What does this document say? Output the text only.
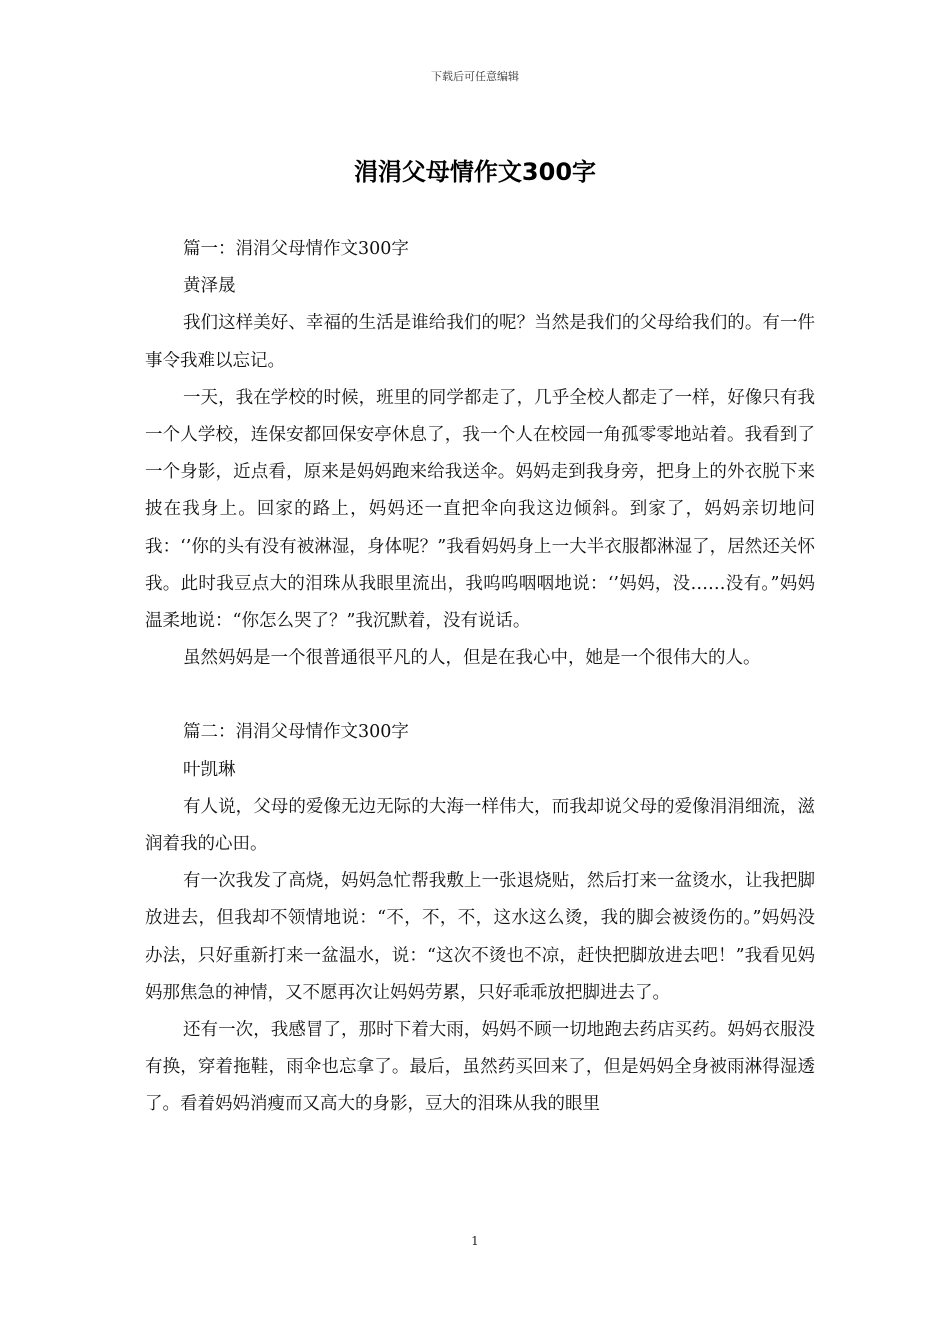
下载后可任意编辑
涓涓父母情作文300字

篇一：涓涓父母情作文300字

黄泽晟

我们这样美好、幸福的生活是谁给我们的呢？当然是我们的父母给我们的。有一件事令我难以忘记。

一天，我在学校的时候，班里的同学都走了，几乎全校人都走了一样，好像只有我一个人学校，连保安都回保安亭休息了，我一个人在校园一角孤零零地站着。我看到了一个身影，近点看，原来是妈妈跑来给我送伞。妈妈走到我身旁，把身上的外衣脱下来披在我身上。回家的路上，妈妈还一直把伞向我这边倾斜。到家了，妈妈亲切地问我：‘’你的头有没有被淋湿，身体呢？”我看妈妈身上一大半衣服都淋湿了，居然还关怀我。此时我豆点大的泪珠从我眼里流出，我呜呜咽咽地说：‘’妈妈，没……没有。”妈妈温柔地说：“你怎么哭了？”我沉默着，没有说话。

虽然妈妈是一个很普通很平凡的人，但是在我心中，她是一个很伟大的人。

篇二：涓涓父母情作文300字

叶凯琳

有人说，父母的爱像无边无际的大海一样伟大，而我却说父母的爱像涓涓细流，滋润着我的心田。

有一次我发了高烧，妈妈急忙帮我敷上一张退烧贴，然后打来一盆烫水，让我把脚放进去，但我却不领情地说：“不，不，不，这水这么烫，我的脚会被烫伤的。”妈妈没办法，只好重新打来一盆温水，说：“这次不烫也不凉，赶快把脚放进去吧！”我看见妈妈那焦急的神情，又不愿再次让妈妈劳累，只好乖乖放把脚进去了。

还有一次，我感冒了，那时下着大雨，妈妈不顾一切地跑去药店买药。妈妈衣服没有换，穿着拖鞋，雨伞也忘拿了。最后，虽然药买回来了，但是妈妈全身被雨淋得湿透了。看着妈妈消瘦而又高大的身影，豆大的泪珠从我的眼里

1
